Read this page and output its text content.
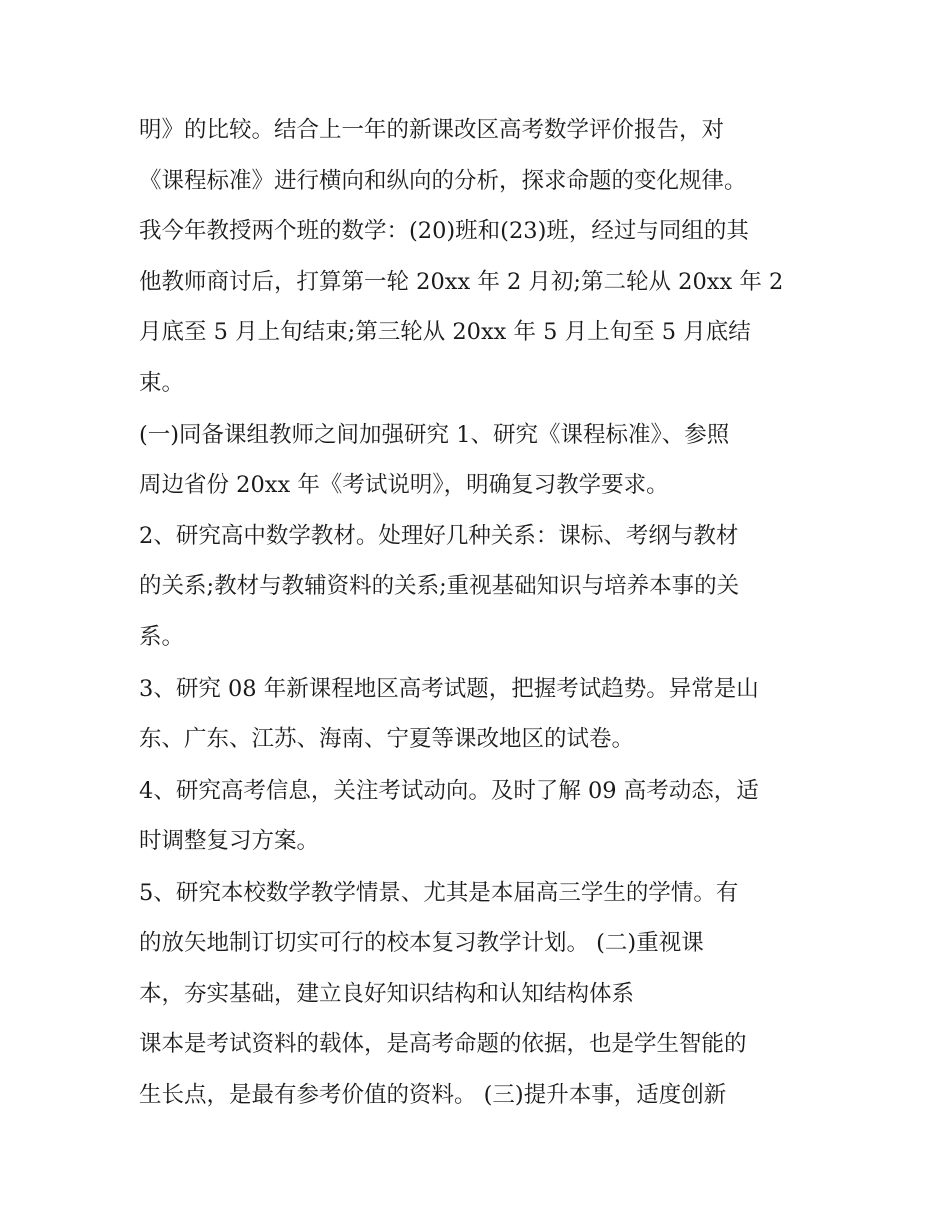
明》的比较。结合上一年的新课改区高考数学评价报告，对
《课程标准》进行横向和纵向的分析，探求命题的变化规律。
我今年教授两个班的数学：(20)班和(23)班，经过与同组的其
他教师商讨后，打算第一轮 20xx 年 2 月初;第二轮从 20xx 年 2
月底至 5 月上旬结束;第三轮从 20xx 年 5 月上旬至 5 月底结
束。
(一)同备课组教师之间加强研究 1、研究《课程标准》、参照
周边省份 20xx 年《考试说明》，明确复习教学要求。
2、研究高中数学教材。处理好几种关系：课标、考纲与教材
的关系;教材与教辅资料的关系;重视基础知识与培养本事的关
系。
3、研究 08 年新课程地区高考试题，把握考试趋势。异常是山
东、广东、江苏、海南、宁夏等课改地区的试卷。
4、研究高考信息，关注考试动向。及时了解 09 高考动态，适
时调整复习方案。
5、研究本校数学教学情景、尤其是本届高三学生的学情。有
的放矢地制订切实可行的校本复习教学计划。 (二)重视课
本，夯实基础，建立良好知识结构和认知结构体系
课本是考试资料的载体，是高考命题的依据，也是学生智能的
生长点，是最有参考价值的资料。 (三)提升本事，适度创新
